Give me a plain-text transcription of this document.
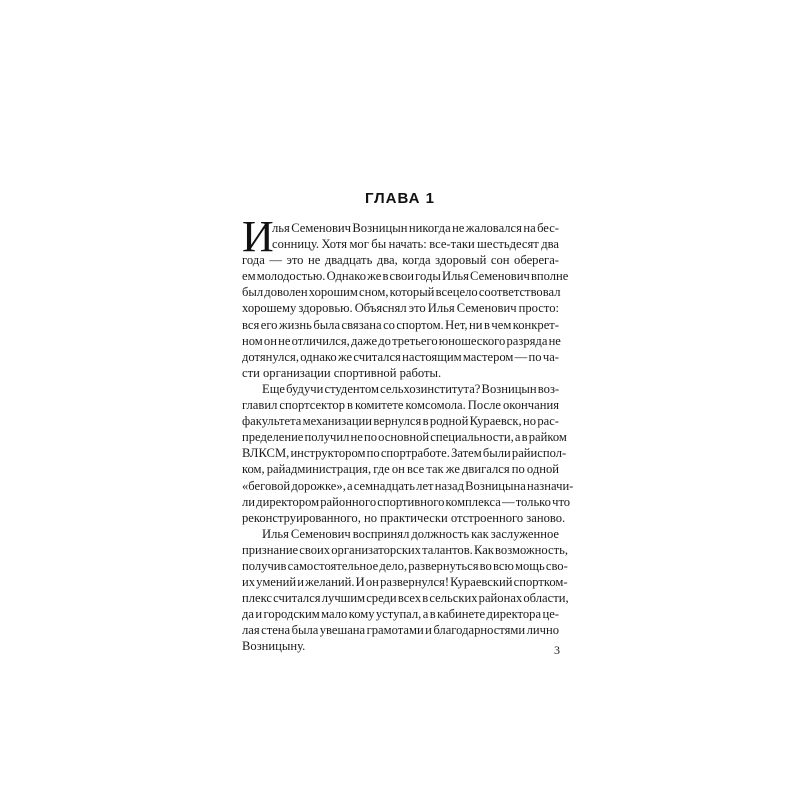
ГЛАВА 1
И

лья Семенович Возницын никогда не жаловался на бес-
сонницу. Хотя мог бы начать: все-таки шестьдесят два
года — это не двадцать два, когда здоровый сон оберега-
ем молодостью. Однако же в свои годы Илья Семенович вполне
был доволен хорошим сном, который всецело соответствовал
хорошему здоровью. Объяснял это Илья Семенович просто:
вся его жизнь была связана со спортом. Нет, ни в чем конкрет-
ном он не отличился, даже до третьего юношеского разряда не
дотянулся, однако же считался настоящим мастером — по ча-
сти организации спортивной работы.

Еще будучи студентом сельхозинститута? Возницын воз-
главил спортсектор в комитете комсомола. После окончания
факультета механизации вернулся в родной Кураевск, но рас-
пределение получил не по основной специальности, а в райком
ВЛКСМ, инструктором по спортработе. Затем были райиспол-
ком, райадминистрация, где он все так же двигался по одной
«беговой дорожке», а семнадцать лет назад Возницына назначи-
ли директором районного спортивного комплекса — только что
реконструированного, но практически отстроенного заново.

Илья Семенович воспринял должность как заслуженное
признание своих организаторских талантов. Как возможность,
получив самостоятельное дело, развернуться во всю мощь сво-
их умений и желаний. И он развернулся! Кураевский спортком-
плекс считался лучшим среди всех в сельских районах области,
да и городским мало кому уступал, а в кабинете директора це-
лая стена была увешана грамотами и благодарностями лично
Возницыну.	3
